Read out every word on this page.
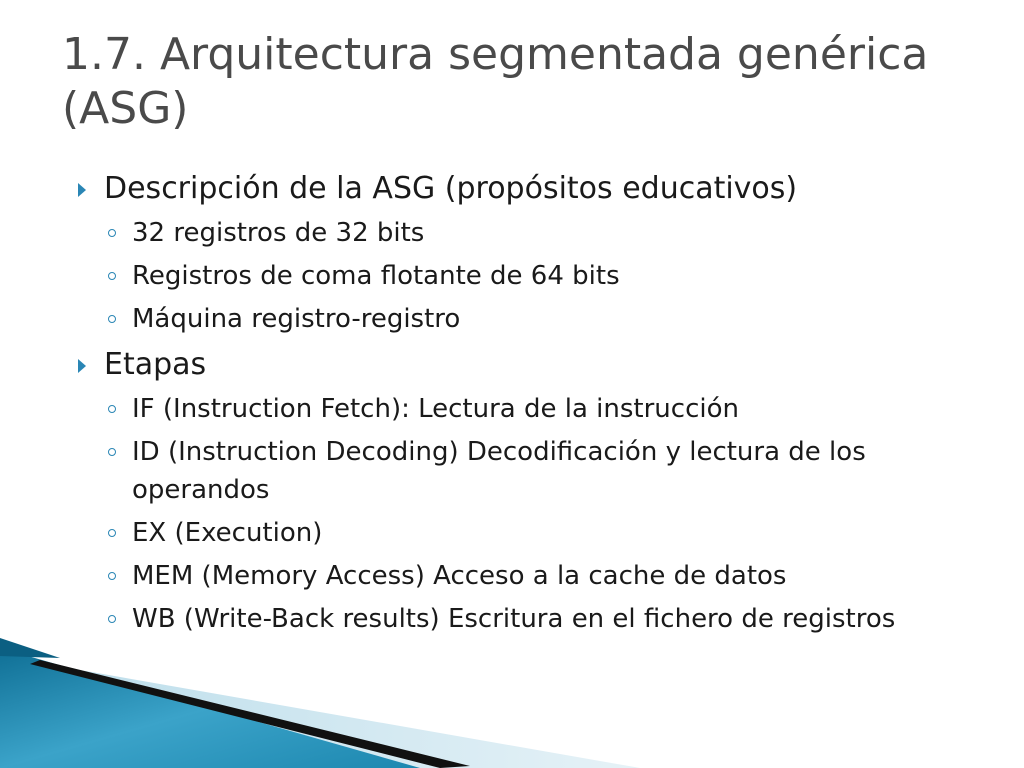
1.7. Arquitectura segmentada genérica (ASG)
Descripción de la ASG (propósitos educativos)
32 registros de 32 bits
Registros de coma flotante de 64 bits
Máquina registro-registro
Etapas
IF (Instruction Fetch): Lectura de la instrucción
ID (Instruction Decoding) Decodificación y lectura de los operandos
EX (Execution)
MEM (Memory Access) Acceso a la cache de datos
WB (Write-Back results) Escritura en el fichero de registros
